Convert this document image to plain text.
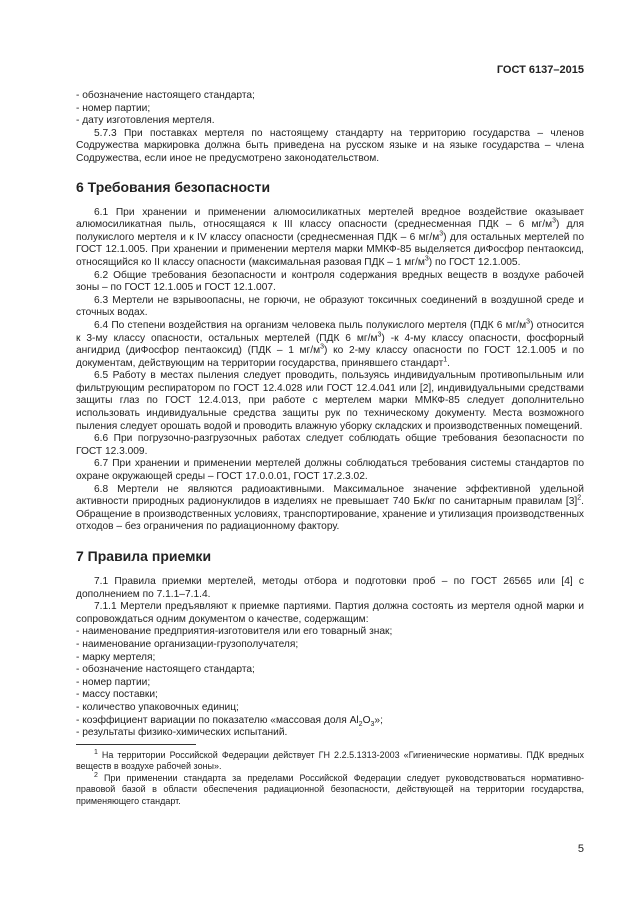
ГОСТ 6137–2015

- обозначение настоящего стандарта;

- номер партии;

- дату изготовления мертеля.

5.7.3 При поставках мертеля по настоящему стандарту на территорию государства – членов Содружества маркировка должна быть приведена на русском языке и на языке государства – члена Содружества, если иное не предусмотрено законодательством.

6 Требования безопасности

6.1 При хранении и применении алюмосиликатных мертелей вредное воздействие оказывает алюмосиликатная пыль, относящаяся к III классу опасности (среднесменная ПДК – 6 $мг/м^3$) для полукислого мертеля и к IV классу опасности (среднесменная ПДК – 6 $мг/м^3$) для остальных мертелей по ГОСТ 12.1.005. При хранении и применении мертеля марки ММКФ-85 выделяется диФосфор пентаоксид, относящийся ко II классу опасности (максимальная разовая ПДК – 1 $мг/м^3$) по ГОСТ 12.1.005.

6.2 Общие требования безопасности и контроля содержания вредных веществ в воздухе рабочей зоны – по ГОСТ 12.1.005 и ГОСТ 12.1.007.

6.3 Мертели не взрывоопасны, не горючи, не образуют токсичных соединений в воздушной среде и сточных водах.

6.4 По степени воздействия на организм человека пыль полукислого мертеля (ПДК 6 $мг/м^3$) относится к 3-му классу опасности, остальных мертелей (ПДК 6 $мг/м^3$) -к 4-му классу опасности, фосфорный ангидрид (диФосфор пентаоксид) (ПДК – 1 $мг/м^3$) ко 2-му классу опасности по ГОСТ 12.1.005 и по документам, действующим на территории государства, принявшего стандарт$^1$.

6.5 Работу в местах пыления следует проводить, пользуясь индивидуальным противопыльным или фильтрующим респиратором по ГОСТ 12.4.028 или ГОСТ 12.4.041 или [2], индивидуальными средствами защиты глаз по ГОСТ 12.4.013, при работе с мертелем марки ММКФ-85 следует дополнительно использовать индивидуальные средства защиты рук по техническому документу. Места возможного пыления следует орошать водой и проводить влажную уборку складских и производственных помещений.

6.6 При погрузочно-разгрузочных работах следует соблюдать общие требования безопасности по ГОСТ 12.3.009.

6.7 При хранении и применении мертелей должны соблюдаться требования системы стандартов по охране окружающей среды – ГОСТ 17.0.0.01, ГОСТ 17.2.3.02.

6.8 Мертели не являются радиоактивными. Максимальное значение эффективной удельной активности природных радионуклидов в изделиях не превышает 740 Бк/кг по санитарным правилам $[3]^2$. Обращение в производственных условиях, транспортирование, хранение и утилизация производственных отходов – без ограничения по радиационному фактору.

7 Правила приемки

7.1 Правила приемки мертелей, методы отбора и подготовки проб – по ГОСТ 26565 или [4] с дополнением по 7.1.1–7.1.4.

7.1.1 Мертели предъявляют к приемке партиями. Партия должна состоять из мертеля одной марки и сопровождаться одним документом о качестве, содержащим:

- наименование предприятия-изготовителя или его товарный знак;

- наименование организации-грузополучателя;

- марку мертеля;

- обозначение настоящего стандарта;

- номер партии;

- массу поставки;

- количество упаковочных единиц;

- коэффициент вариации по показателю «массовая доля $Al_2O_3$»;

- результаты физико-химических испытаний.

$^1$ На территории Российской Федерации действует ГН 2.2.5.1313-2003 «Гигиенические нормативы. ПДК вредных веществ в воздухе рабочей зоны».

$^2$ При применении стандарта за пределами Российской Федерации следует руководствоваться нормативно-правовой базой в области обеспечения радиационной безопасности, действующей на территории государства, применяющего стандарт.

5
